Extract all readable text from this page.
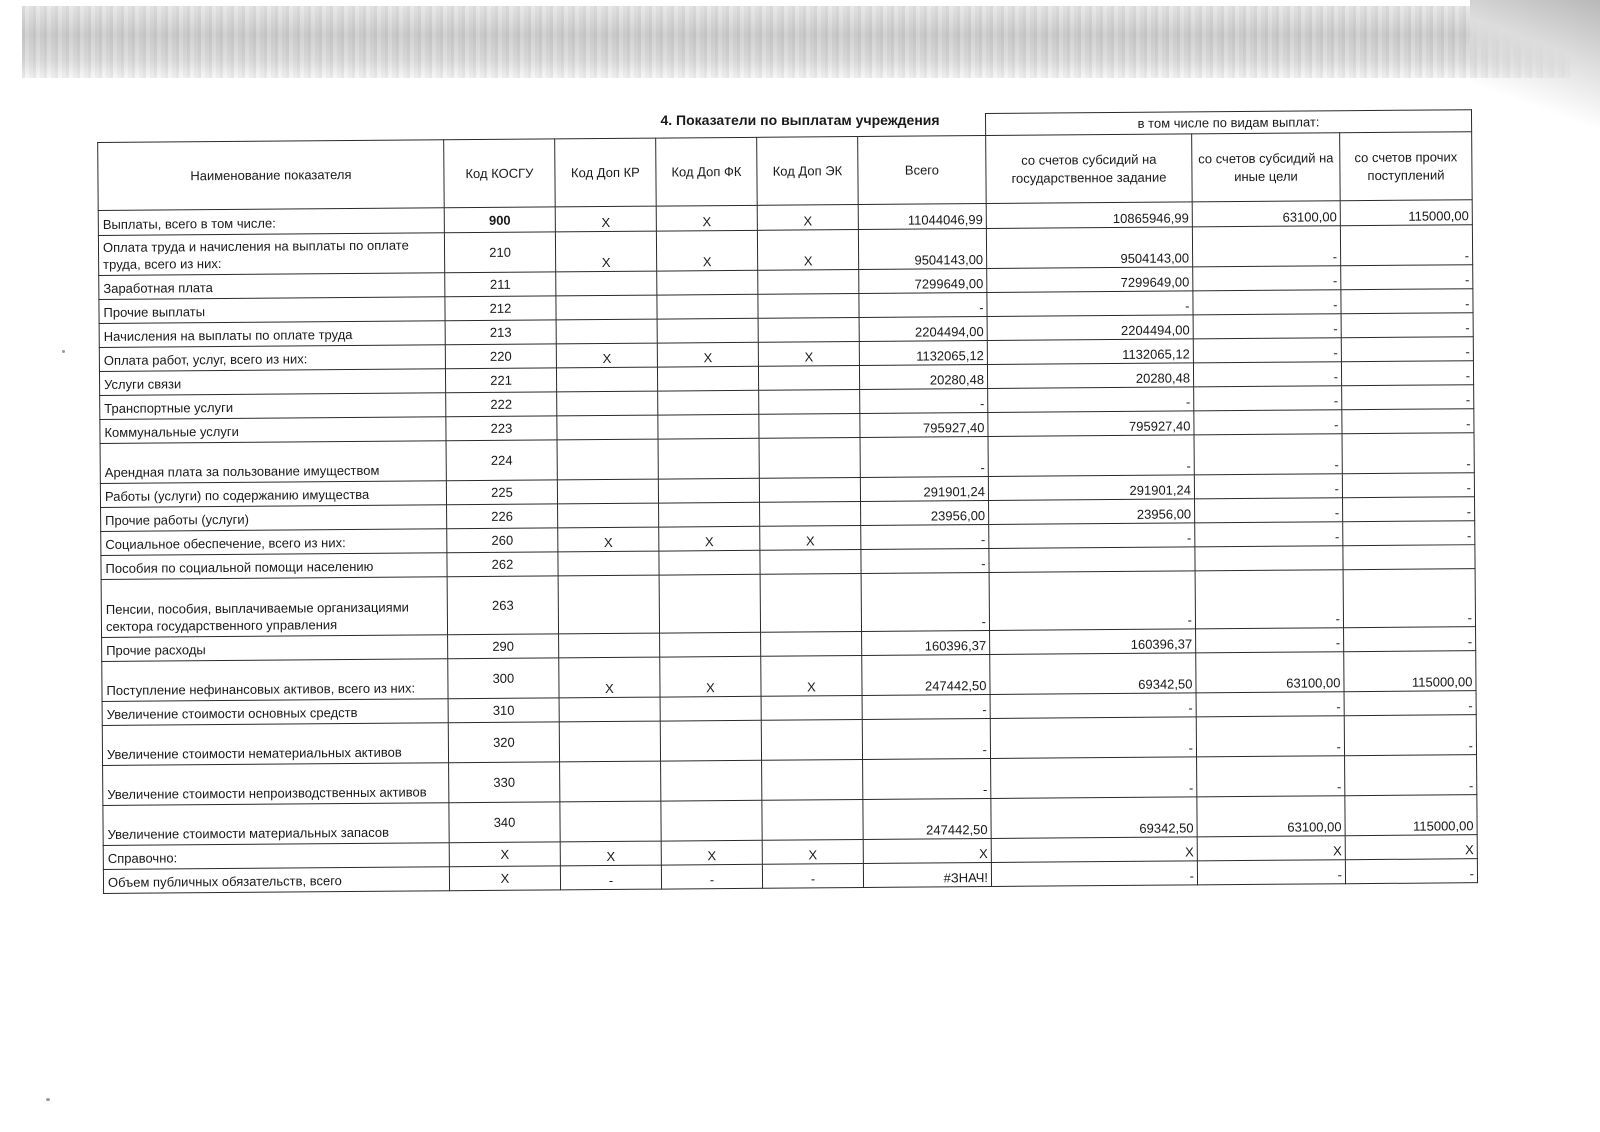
4. Показатели по выплатам учреждения
						в том числе по видам выплат:		
Наименование показателя	Код КОСГУ	Код Доп КР	Код Доп ФК	Код Доп ЭК	Всего	со счетов субсидий на государственное задание	со счетов субсидий на иные цели	со счетов прочих поступлений
Выплаты, всего в том числе:	900	X	X	X	11044046,99	10865946,99	63100,00	115000,00
Оплата труда и начисления на выплаты по оплате труда, всего из них:	210	X	X	X	9504143,00	9504143,00	-	-
Заработная плата	211				7299649,00	7299649,00	-	-
Прочие выплаты	212				-	-	-	-
Начисления на выплаты по оплате труда	213				2204494,00	2204494,00	-	-
Оплата работ, услуг, всего из них:	220	X	X	X	1132065,12	1132065,12	-	-
Услуги связи	221				20280,48	20280,48	-	-
Транспортные услуги	222				-	-	-	-
Коммунальные услуги	223				795927,40	795927,40	-	-
Арендная плата за пользование имуществом	224				-	-	-	-
Работы (услуги) по содержанию имущества	225				291901,24	291901,24	-	-
Прочие работы (услуги)	226				23956,00	23956,00	-	-
Социальное обеспечение, всего из них:	260	X	X	X	-	-	-	-
Пособия по социальной помощи населению	262				-			
Пенсии, пособия, выплачиваемые организациями сектора государственного управления	263				-	-	-	-
Прочие расходы	290				160396,37	160396,37	-	-
Поступление нефинансовых активов, всего из них:	300	X	X	X	247442,50	69342,50	63100,00	115000,00
Увеличение стоимости основных средств	310				-	-	-	-
Увеличение стоимости нематериальных активов	320				-	-	-	-
Увеличение стоимости непроизводственных активов	330				-	-	-	-
Увеличение стоимости материальных запасов	340				247442,50	69342,50	63100,00	115000,00
Справочно:	X	X	X	X	X	X	X	X
Объем публичных обязательств, всего	X	-	-	-	#ЗНАЧ!	-	-	-
